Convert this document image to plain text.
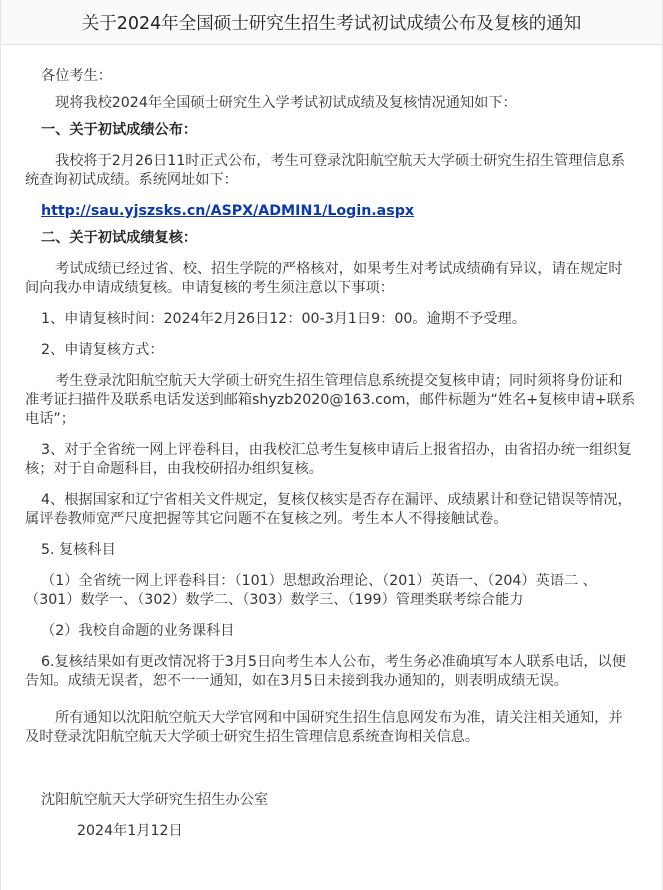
关于2024年全国硕士研究生招生考试初试成绩公布及复核的通知

各位考生：

现将我校2024年全国硕士研究生入学考试初试成绩及复核情况通知如下：

一、关于初试成绩公布：

我校将于2月26日11时正式公布，考生可登录沈阳航空航天大学硕士研究生招生管理信息系统查询初试成绩。系统网址如下：

http://sau.yjszsks.cn/ASPX/ADMIN1/Login.aspx

二、关于初试成绩复核：

考试成绩已经过省、校、招生学院的严格核对，如果考生对考试成绩确有异议，请在规定时间向我办申请成绩复核。申请复核的考生须注意以下事项：

1、申请复核时间：2024年2月26日12：00-3月1日9：00。逾期不予受理。

2、申请复核方式：

考生登录沈阳航空航天大学硕士研究生招生管理信息系统提交复核申请；同时须将身份证和准考证扫描件及联系电话发送到邮箱shyzb2020@163.com，邮件标题为“姓名+复核申请+联系电话”；

3、对于全省统一网上评卷科目，由我校汇总考生复核申请后上报省招办，由省招办统一组织复核；对于自命题科目，由我校研招办组织复核。

4、根据国家和辽宁省相关文件规定，复核仅核实是否存在漏评、成绩累计和登记错误等情况，属评卷教师宽严尺度把握等其它问题不在复核之列。考生本人不得接触试卷。

5. 复核科目

（1）全省统一网上评卷科目：（101）思想政治理论、（201）英语一、（204）英语二 、（301）数学一、（302）数学二、（303）数学三、（199）管理类联考综合能力

（2）我校自命题的业务课科目

6.复核结果如有更改情况将于3月5日向考生本人公布，考生务必准确填写本人联系电话，以便告知。成绩无误者，恕不一一通知，如在3月5日未接到我办通知的，则表明成绩无误。

所有通知以沈阳航空航天大学官网和中国研究生招生信息网发布为准，请关注相关通知，并及时登录沈阳航空航天大学硕士研究生招生管理信息系统查询相关信息。

沈阳航空航天大学研究生招生办公室

2024年1月12日
